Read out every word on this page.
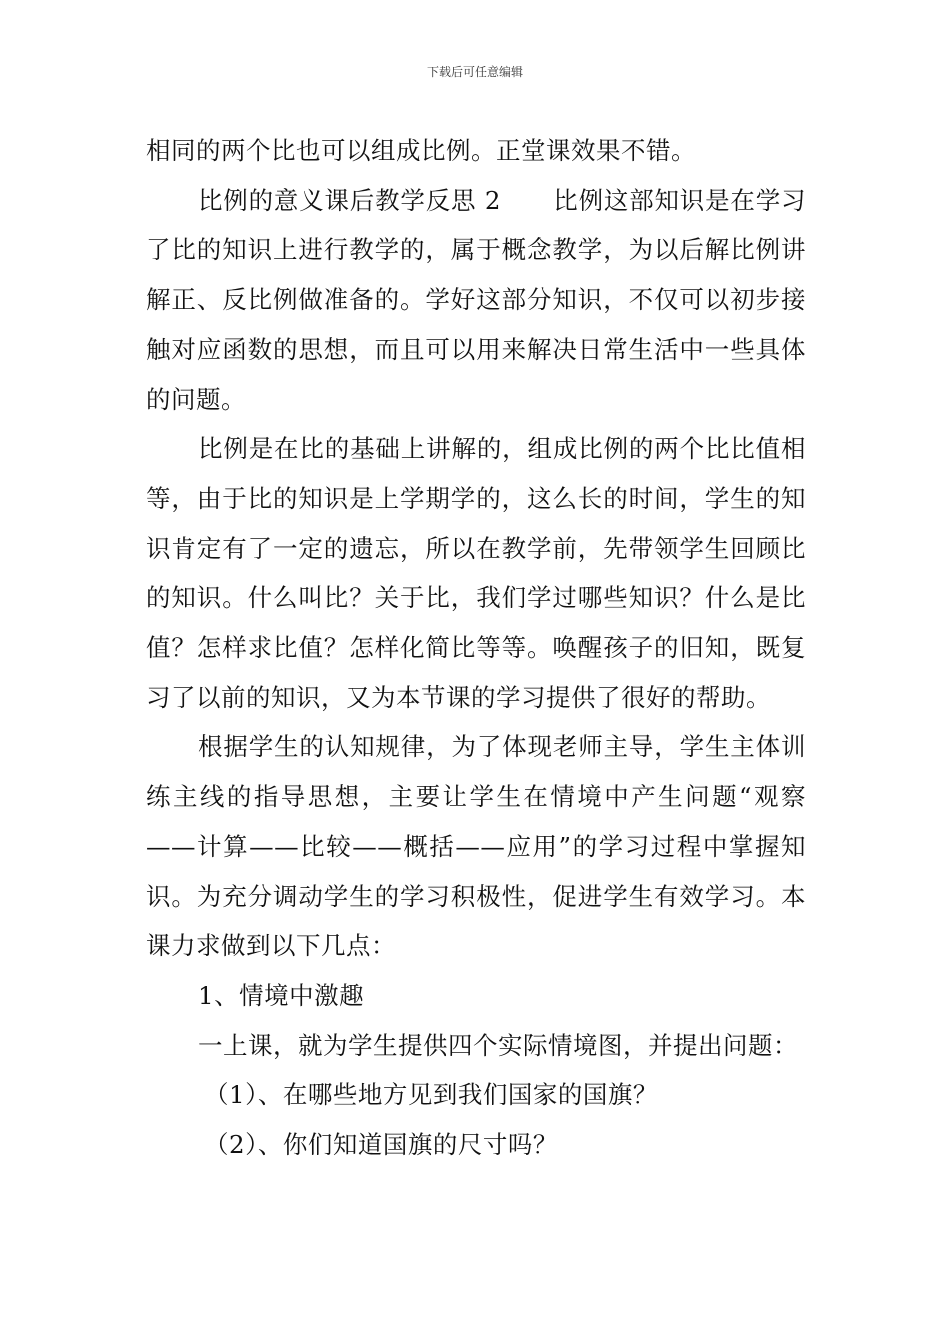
下载后可任意编辑

相同的两个比也可以组成比例。正堂课效果不错。

比例的意义课后教学反思 2 比例这部知识是在学习了比的知识上进行教学的，属于概念教学，为以后解比例讲解正、反比例做准备的。学好这部分知识，不仅可以初步接触对应函数的思想，而且可以用来解决日常生活中一些具体的问题。

比例是在比的基础上讲解的，组成比例的两个比比值相等，由于比的知识是上学期学的，这么长的时间，学生的知识肯定有了一定的遗忘，所以在教学前，先带领学生回顾比的知识。什么叫比？关于比，我们学过哪些知识？什么是比值？怎样求比值？怎样化简比等等。唤醒孩子的旧知，既复习了以前的知识，又为本节课的学习提供了很好的帮助。

根据学生的认知规律，为了体现老师主导，学生主体训练主线的指导思想，主要让学生在情境中产生问题“观察——计算——比较——概括——应用”的学习过程中掌握知识。为充分调动学生的学习积极性，促进学生有效学习。本课力求做到以下几点：

1、情境中激趣

一上课，就为学生提供四个实际情境图，并提出问题：

（1）、在哪些地方见到我们国家的国旗？

（2）、你们知道国旗的尺寸吗？
